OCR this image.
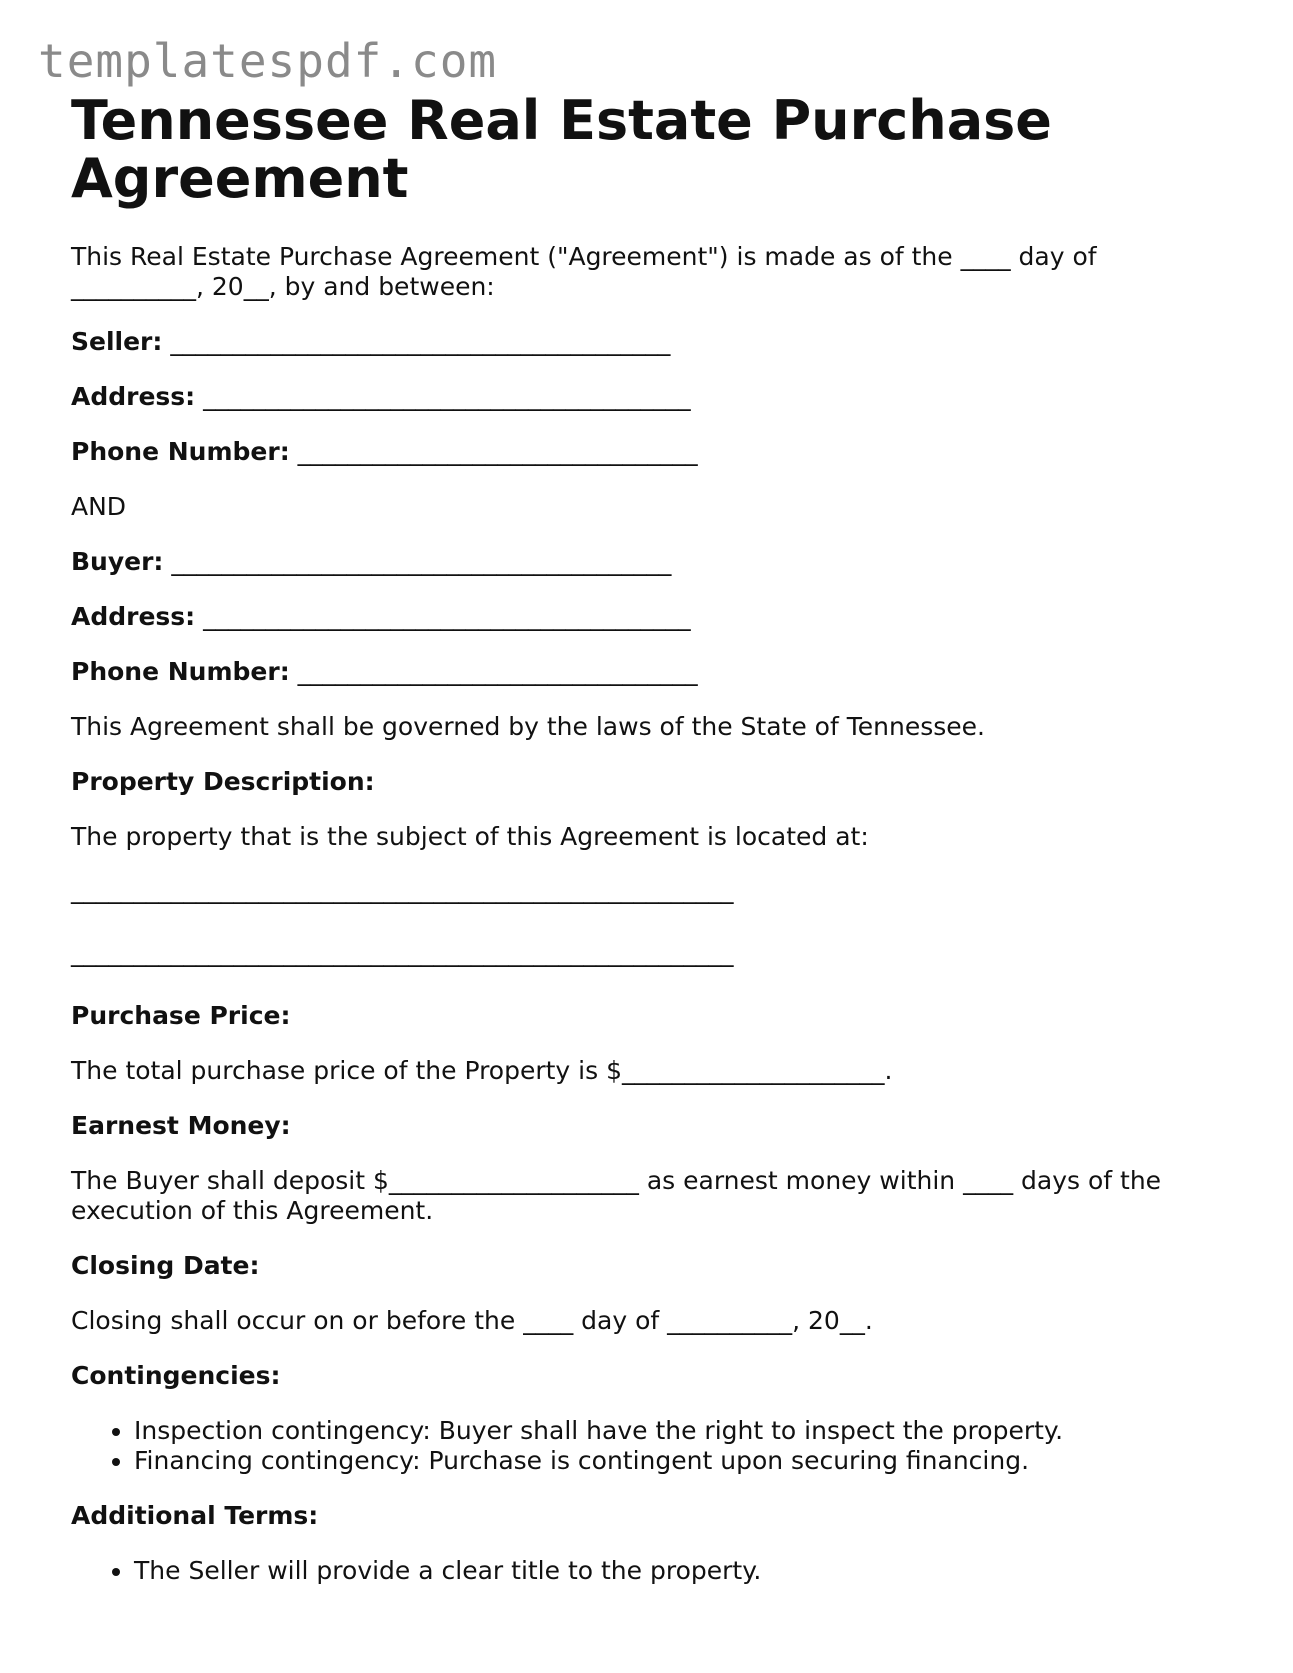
templatespdf.com
Tennessee Real Estate Purchase Agreement

This Real Estate Purchase Agreement ("Agreement") is made as of the ____ day of __________, 20__, by and between:

Seller: ________________________________________
Address: _______________________________________
Phone Number: ________________________________

AND

Buyer: ________________________________________
Address: _______________________________________
Phone Number: ________________________________

This Agreement shall be governed by the laws of the State of Tennessee.

Property Description:

The property that is the subject of this Agreement is located at:

_____________________________________________________
_____________________________________________________
Purchase Price:

The total purchase price of the Property is $_____________________.

Earnest Money:

The Buyer shall deposit $____________________ as earnest money within ____ days of the execution of this Agreement.

Closing Date:

Closing shall occur on or before the ____ day of __________, 20__.

Contingencies:
• Inspection contingency: Buyer shall have the right to inspect the property.
• Financing contingency: Purchase is contingent upon securing financing.
Additional Terms:
• The Seller will provide a clear title to the property.
